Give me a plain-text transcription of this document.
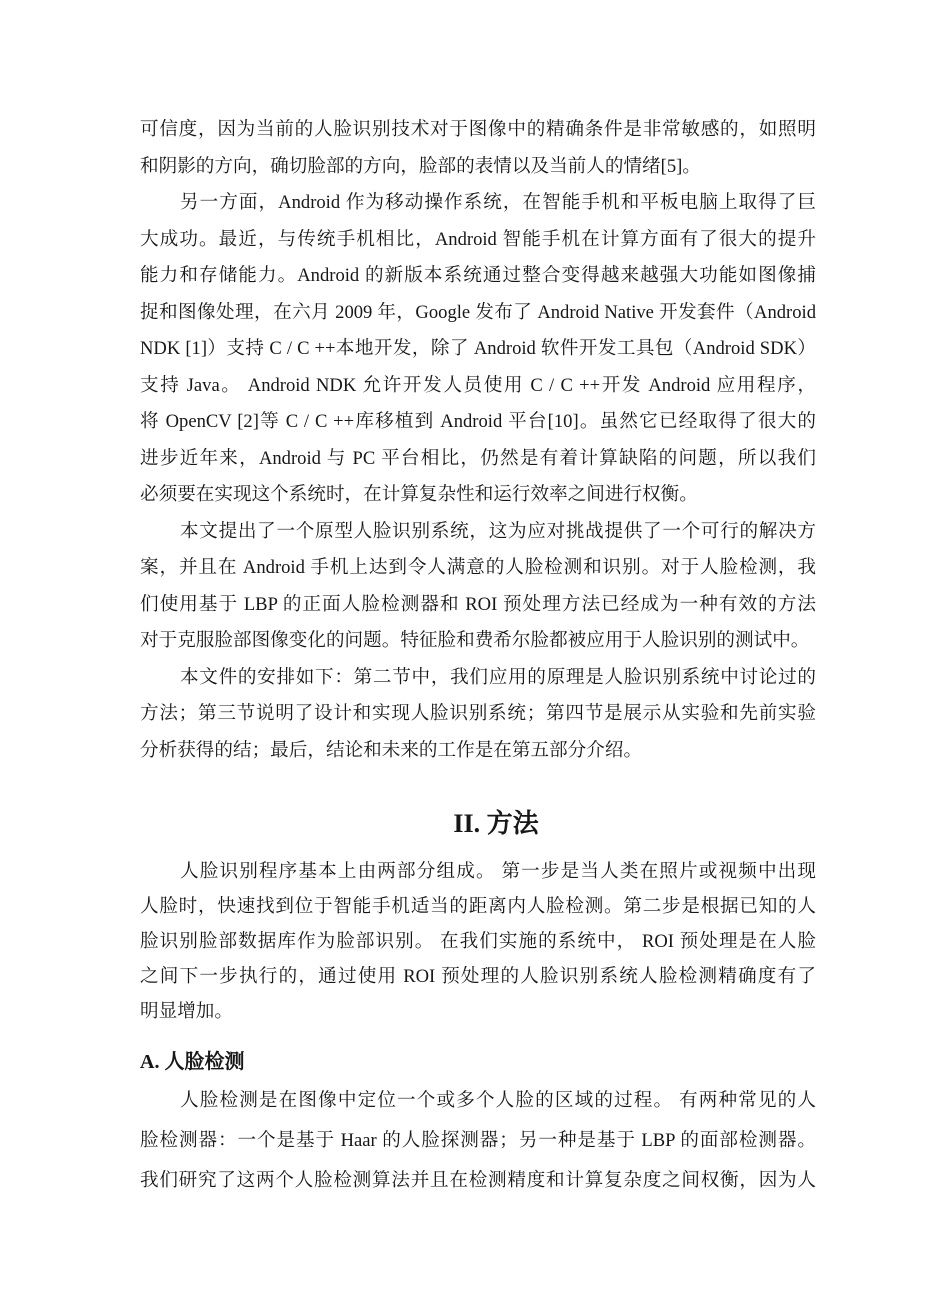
可信度，因为当前的人脸识别技术对于图像中的精确条件是非常敏感的，如照明
和阴影的方向，确切脸部的方向，脸部的表情以及当前人的情绪[5]。
另一方面，Android 作为移动操作系统，在智能手机和平板电脑上取得了巨
大成功。最近，与传统手机相比，Android 智能手机在计算方面有了很大的提升
能力和存储能力。Android 的新版本系统通过整合变得越来越强大功能如图像捕
捉和图像处理，在六月 2009 年，Google 发布了 Android Native 开发套件（Android
NDK [1]）支持 C / C ++本地开发，除了 Android 软件开发工具包（Android SDK）
支持 Java。 Android NDK 允许开发人员使用 C / C ++开发 Android 应用程序，
将 OpenCV [2]等 C / C ++库移植到 Android 平台[10]。虽然它已经取得了很大的
进步近年来，Android 与 PC 平台相比，仍然是有着计算缺陷的问题，所以我们
必须要在实现这个系统时，在计算复杂性和运行效率之间进行权衡。
本文提出了一个原型人脸识别系统，这为应对挑战提供了一个可行的解决方
案，并且在 Android 手机上达到令人满意的人脸检测和识别。对于人脸检测，我
们使用基于 LBP 的正面人脸检测器和 ROI 预处理方法已经成为一种有效的方法
对于克服脸部图像变化的问题。特征脸和费希尔脸都被应用于人脸识别的测试中。
本文件的安排如下：第二节中，我们应用的原理是人脸识别系统中讨论过的
方法；第三节说明了设计和实现人脸识别系统；第四节是展示从实验和先前实验
分析获得的结；最后，结论和未来的工作是在第五部分介绍。
II. 方法
人脸识别程序基本上由两部分组成。 第一步是当人类在照片或视频中出现
人脸时，快速找到位于智能手机适当的距离内人脸检测。第二步是根据已知的人
脸识别脸部数据库作为脸部识别。 在我们实施的系统中， ROI 预处理是在人脸
之间下一步执行的，通过使用 ROI 预处理的人脸识别系统人脸检测精确度有了
明显增加。
A. 人脸检测
人脸检测是在图像中定位一个或多个人脸的区域的过程。 有两种常见的人
脸检测器：一个是基于 Haar 的人脸探测器；另一种是基于 LBP 的面部检测器。
我们研究了这两个人脸检测算法并且在检测精度和计算复杂度之间权衡，因为人
